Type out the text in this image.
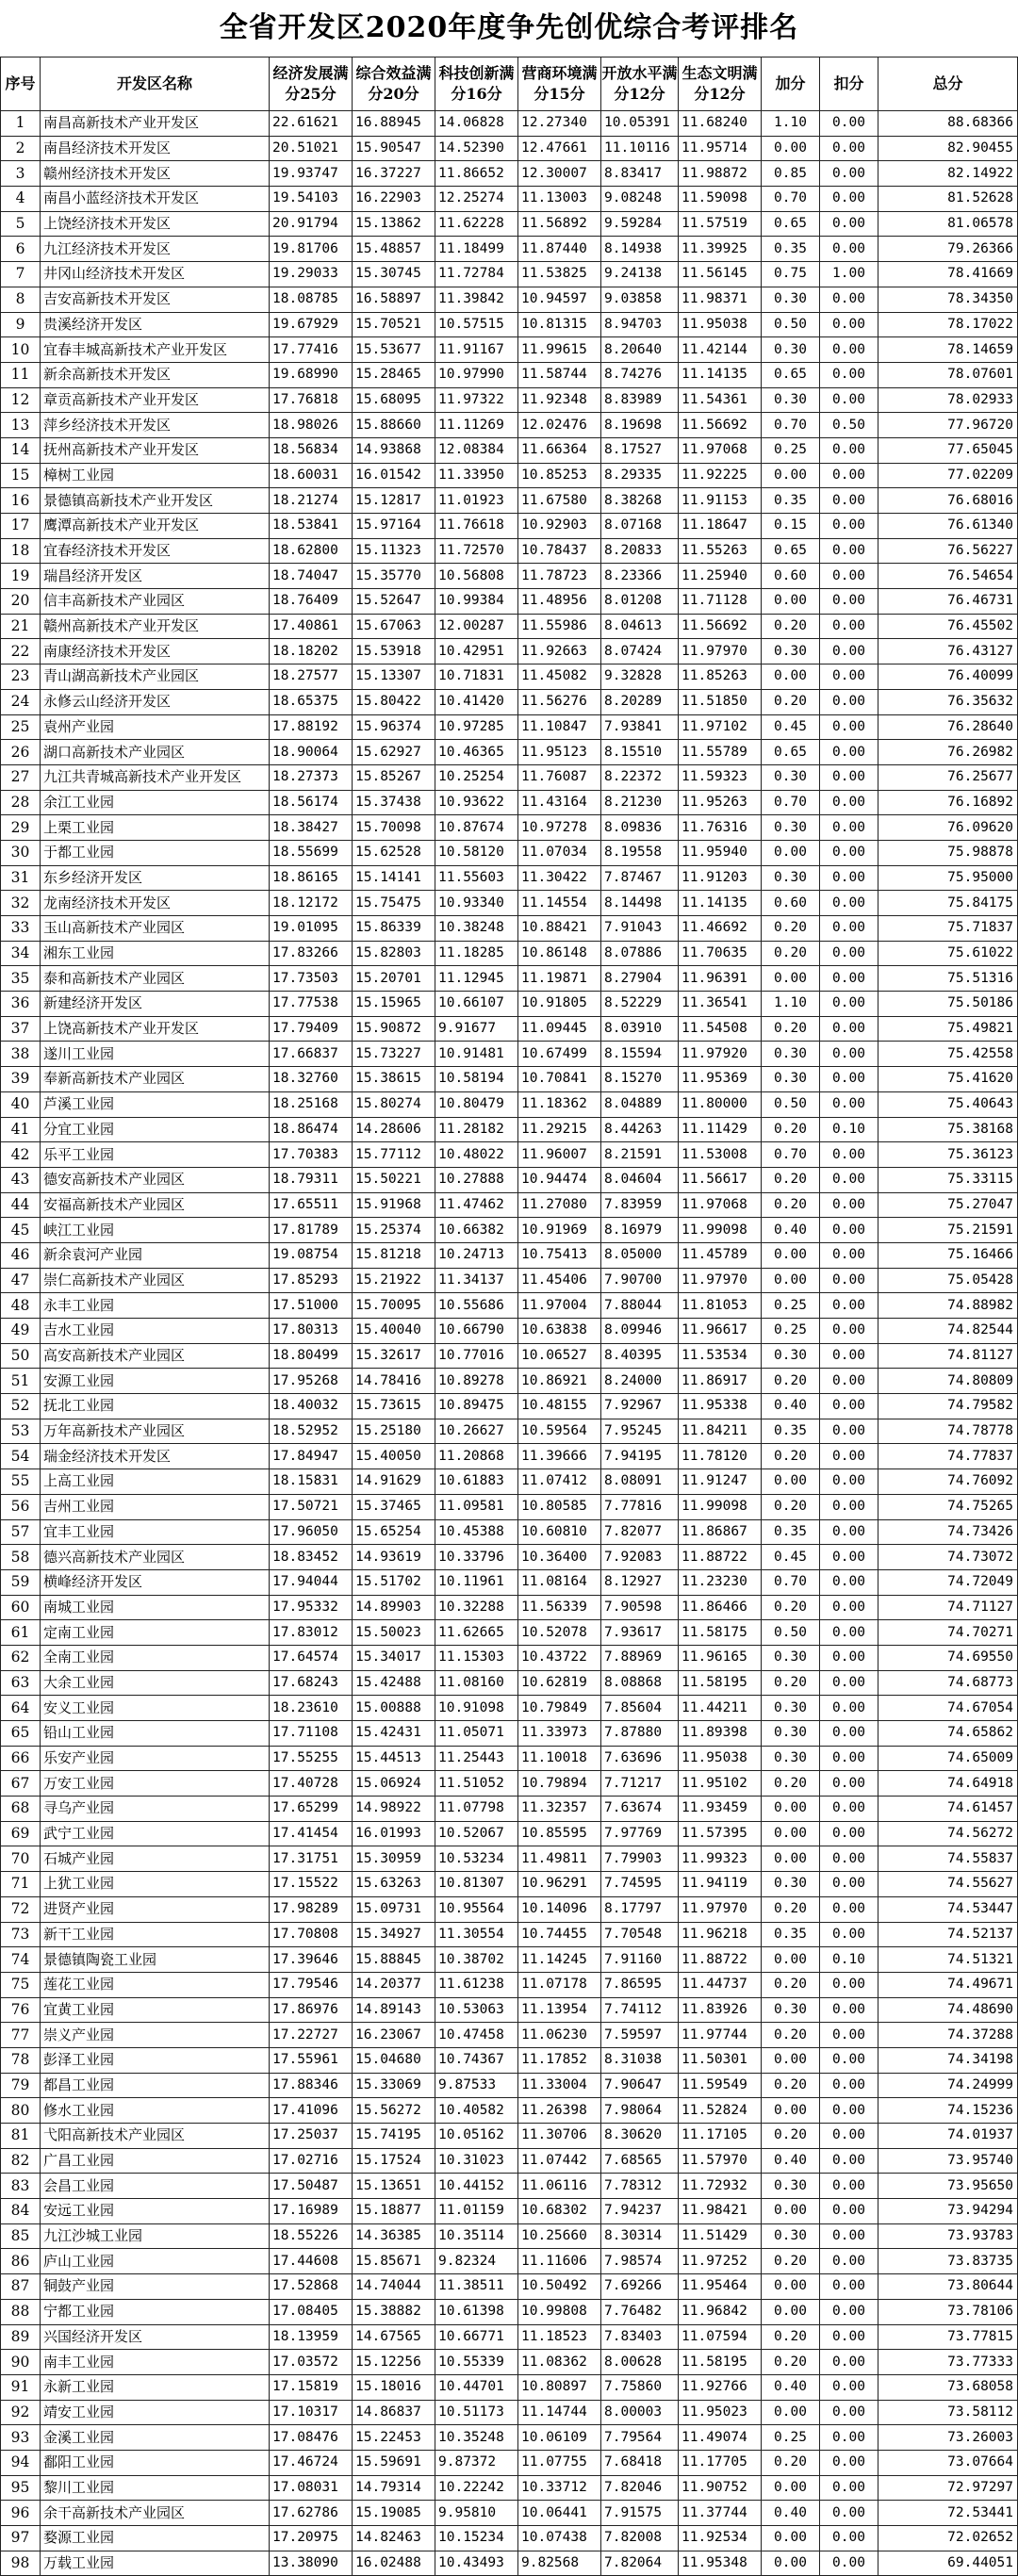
全省开发区2020年度争先创优综合考评排名
序号	开发区名称	经济发展满分25分	综合效益满分20分	科技创新满分16分	营商环境满分15分	开放水平满分12分	生态文明满分12分	加分	扣分	总分
1	南昌高新技术产业开发区	22.61621	16.88945	14.06828	12.27340	10.05391	11.68240	1.10	0.00	88.68366
2	南昌经济技术开发区	20.51021	15.90547	14.52390	12.47661	11.10116	11.95714	0.00	0.00	82.90455
3	赣州经济技术开发区	19.93747	16.37227	11.86652	12.30007	8.83417	11.98872	0.85	0.00	82.14922
4	南昌小蓝经济技术开发区	19.54103	16.22903	12.25274	11.13003	9.08248	11.59098	0.70	0.00	81.52628
5	上饶经济技术开发区	20.91794	15.13862	11.62228	11.56892	9.59284	11.57519	0.65	0.00	81.06578
6	九江经济技术开发区	19.81706	15.48857	11.18499	11.87440	8.14938	11.39925	0.35	0.00	79.26366
7	井冈山经济技术开发区	19.29033	15.30745	11.72784	11.53825	9.24138	11.56145	0.75	1.00	78.41669
8	吉安高新技术开发区	18.08785	16.58897	11.39842	10.94597	9.03858	11.98371	0.30	0.00	78.34350
9	贵溪经济开发区	19.67929	15.70521	10.57515	10.81315	8.94703	11.95038	0.50	0.00	78.17022
10	宜春丰城高新技术产业开发区	17.77416	15.53677	11.91167	11.99615	8.20640	11.42144	0.30	0.00	78.14659
11	新余高新技术开发区	19.68990	15.28465	10.97990	11.58744	8.74276	11.14135	0.65	0.00	78.07601
12	章贡高新技术产业开发区	17.76818	15.68095	11.97322	11.92348	8.83989	11.54361	0.30	0.00	78.02933
13	萍乡经济技术开发区	18.98026	15.88660	11.11269	12.02476	8.19698	11.56692	0.70	0.50	77.96720
14	抚州高新技术产业开发区	18.56834	14.93868	12.08384	11.66364	8.17527	11.97068	0.25	0.00	77.65045
15	樟树工业园	18.60031	16.01542	11.33950	10.85253	8.29335	11.92225	0.00	0.00	77.02209
16	景德镇高新技术产业开发区	18.21274	15.12817	11.01923	11.67580	8.38268	11.91153	0.35	0.00	76.68016
17	鹰潭高新技术产业开发区	18.53841	15.97164	11.76618	10.92903	8.07168	11.18647	0.15	0.00	76.61340
18	宜春经济技术开发区	18.62800	15.11323	11.72570	10.78437	8.20833	11.55263	0.65	0.00	76.56227
19	瑞昌经济开发区	18.74047	15.35770	10.56808	11.78723	8.23366	11.25940	0.60	0.00	76.54654
20	信丰高新技术产业园区	18.76409	15.52647	10.99384	11.48956	8.01208	11.71128	0.00	0.00	76.46731
21	赣州高新技术产业开发区	17.40861	15.67063	12.00287	11.55986	8.04613	11.56692	0.20	0.00	76.45502
22	南康经济技术开发区	18.18202	15.53918	10.42951	11.92663	8.07424	11.97970	0.30	0.00	76.43127
23	青山湖高新技术产业园区	18.27577	15.13307	10.71831	11.45082	9.32828	11.85263	0.00	0.00	76.40099
24	永修云山经济开发区	18.65375	15.80422	10.41420	11.56276	8.20289	11.51850	0.20	0.00	76.35632
25	袁州产业园	17.88192	15.96374	10.97285	11.10847	7.93841	11.97102	0.45	0.00	76.28640
26	湖口高新技术产业园区	18.90064	15.62927	10.46365	11.95123	8.15510	11.55789	0.65	0.00	76.26982
27	九江共青城高新技术产业开发区	18.27373	15.85267	10.25254	11.76087	8.22372	11.59323	0.30	0.00	76.25677
28	余江工业园	18.56174	15.37438	10.93622	11.43164	8.21230	11.95263	0.70	0.00	76.16892
29	上栗工业园	18.38427	15.70098	10.87674	10.97278	8.09836	11.76316	0.30	0.00	76.09620
30	于都工业园	18.55699	15.62528	10.58120	11.07034	8.19558	11.95940	0.00	0.00	75.98878
31	东乡经济开发区	18.86165	15.14141	11.55603	11.30422	7.87467	11.91203	0.30	0.00	75.95000
32	龙南经济技术开发区	18.12172	15.75475	10.93340	11.14554	8.14498	11.14135	0.60	0.00	75.84175
33	玉山高新技术产业园区	19.01095	15.86339	10.38248	10.88421	7.91043	11.46692	0.20	0.00	75.71837
34	湘东工业园	17.83266	15.82803	11.18285	10.86148	8.07886	11.70635	0.20	0.00	75.61022
35	泰和高新技术产业园区	17.73503	15.20701	11.12945	11.19871	8.27904	11.96391	0.00	0.00	75.51316
36	新建经济开发区	17.77538	15.15965	10.66107	10.91805	8.52229	11.36541	1.10	0.00	75.50186
37	上饶高新技术产业开发区	17.79409	15.90872	9.91677	11.09445	8.03910	11.54508	0.20	0.00	75.49821
38	遂川工业园	17.66837	15.73227	10.91481	10.67499	8.15594	11.97920	0.30	0.00	75.42558
39	奉新高新技术产业园区	18.32760	15.38615	10.58194	10.70841	8.15270	11.95369	0.30	0.00	75.41620
40	芦溪工业园	18.25168	15.80274	10.80479	11.18362	8.04889	11.80000	0.50	0.00	75.40643
41	分宜工业园	18.86474	14.28606	11.28182	11.29215	8.44263	11.11429	0.20	0.10	75.38168
42	乐平工业园	17.70383	15.77112	10.48022	11.96007	8.21591	11.53008	0.70	0.00	75.36123
43	德安高新技术产业园区	18.79311	15.50221	10.27888	10.94474	8.04604	11.56617	0.20	0.00	75.33115
44	安福高新技术产业园区	17.65511	15.91968	11.47462	11.27080	7.83959	11.97068	0.20	0.00	75.27047
45	峡江工业园	17.81789	15.25374	10.66382	10.91969	8.16979	11.99098	0.40	0.00	75.21591
46	新余袁河产业园	19.08754	15.81218	10.24713	10.75413	8.05000	11.45789	0.00	0.00	75.16466
47	崇仁高新技术产业园区	17.85293	15.21922	11.34137	11.45406	7.90700	11.97970	0.00	0.00	75.05428
48	永丰工业园	17.51000	15.70095	10.55686	11.97004	7.88044	11.81053	0.25	0.00	74.88982
49	吉水工业园	17.80313	15.40040	10.66790	10.63838	8.09946	11.96617	0.25	0.00	74.82544
50	高安高新技术产业园区	18.80499	15.32617	10.77016	10.06527	8.40395	11.53534	0.30	0.00	74.81127
51	安源工业园	17.95268	14.78416	10.89278	10.86921	8.24000	11.86917	0.20	0.00	74.80809
52	抚北工业园	18.40032	15.73615	10.89475	10.48155	7.92967	11.95338	0.40	0.00	74.79582
53	万年高新技术产业园区	18.52952	15.25180	10.26627	10.59564	7.95245	11.84211	0.35	0.00	74.78778
54	瑞金经济技术开发区	17.84947	15.40050	11.20868	11.39666	7.94195	11.78120	0.20	0.00	74.77837
55	上高工业园	18.15831	14.91629	10.61883	11.07412	8.08091	11.91247	0.00	0.00	74.76092
56	吉州工业园	17.50721	15.37465	11.09581	10.80585	7.77816	11.99098	0.20	0.00	74.75265
57	宜丰工业园	17.96050	15.65254	10.45388	10.60810	7.82077	11.86867	0.35	0.00	74.73426
58	德兴高新技术产业园区	18.83452	14.93619	10.33796	10.36400	7.92083	11.88722	0.45	0.00	74.73072
59	横峰经济开发区	17.94044	15.51702	10.11961	11.08164	8.12927	11.23230	0.70	0.00	74.72049
60	南城工业园	17.95332	14.89903	10.32288	11.56339	7.90598	11.86466	0.20	0.00	74.71127
61	定南工业园	17.83012	15.50023	11.62665	10.52078	7.93617	11.58175	0.50	0.00	74.70271
62	全南工业园	17.64574	15.34017	11.15303	10.43722	7.88969	11.96165	0.30	0.00	74.69550
63	大余工业园	17.68243	15.42488	11.08160	10.62819	8.08868	11.58195	0.20	0.00	74.68773
64	安义工业园	18.23610	15.00888	10.91098	10.79849	7.85604	11.44211	0.30	0.00	74.67054
65	铅山工业园	17.71108	15.42431	11.05071	11.33973	7.87880	11.89398	0.30	0.00	74.65862
66	乐安产业园	17.55255	15.44513	11.25443	11.10018	7.63696	11.95038	0.30	0.00	74.65009
67	万安工业园	17.40728	15.06924	11.51052	10.79894	7.71217	11.95102	0.20	0.00	74.64918
68	寻乌产业园	17.65299	14.98922	11.07798	11.32357	7.63674	11.93459	0.00	0.00	74.61457
69	武宁工业园	17.41454	16.01993	10.52067	10.85595	7.97769	11.57395	0.00	0.00	74.56272
70	石城产业园	17.31751	15.30959	10.53234	11.49811	7.79903	11.99323	0.00	0.00	74.55837
71	上犹工业园	17.15522	15.63263	10.81307	10.96291	7.74595	11.94119	0.30	0.00	74.55627
72	进贤产业园	17.98289	15.09731	10.95564	10.14096	8.17797	11.97970	0.20	0.00	74.53447
73	新干工业园	17.70808	15.34927	11.30554	10.74455	7.70548	11.96218	0.35	0.00	74.52137
74	景德镇陶瓷工业园	17.39646	15.88845	10.38702	11.14245	7.91160	11.88722	0.00	0.10	74.51321
75	莲花工业园	17.79546	14.20377	11.61238	11.07178	7.86595	11.44737	0.20	0.00	74.49671
76	宜黄工业园	17.86976	14.89143	10.53063	11.13954	7.74112	11.83926	0.30	0.00	74.48690
77	崇义产业园	17.22727	16.23067	10.47458	11.06230	7.59597	11.97744	0.20	0.00	74.37288
78	彭泽工业园	17.55961	15.04680	10.74367	11.17852	8.31038	11.50301	0.00	0.00	74.34198
79	都昌工业园	17.88346	15.33069	9.87533	11.33004	7.90647	11.59549	0.20	0.00	74.24999
80	修水工业园	17.41096	15.56272	10.40582	11.26398	7.98064	11.52824	0.00	0.00	74.15236
81	弋阳高新技术产业园区	17.25037	15.74195	10.05162	11.30706	8.30620	11.17105	0.20	0.00	74.01937
82	广昌工业园	17.02716	15.17524	10.31023	11.07442	7.68565	11.57970	0.40	0.00	73.95740
83	会昌工业园	17.50487	15.13651	10.44152	11.06116	7.78312	11.72932	0.30	0.00	73.95650
84	安远工业园	17.16989	15.18877	11.01159	10.68302	7.94237	11.98421	0.00	0.00	73.94294
85	九江沙城工业园	18.55226	14.36385	10.35114	10.25660	8.30314	11.51429	0.30	0.00	73.93783
86	庐山工业园	17.44608	15.85671	9.82324	11.11606	7.98574	11.97252	0.20	0.00	73.83735
87	铜鼓产业园	17.52868	14.74044	11.38511	10.50492	7.69266	11.95464	0.00	0.00	73.80644
88	宁都工业园	17.08405	15.38882	10.61398	10.99808	7.76482	11.96842	0.00	0.00	73.78106
89	兴国经济开发区	18.13959	14.67565	10.66771	11.18523	7.83403	11.07594	0.20	0.00	73.77815
90	南丰工业园	17.03572	15.12256	10.55339	11.08362	8.00628	11.58195	0.20	0.00	73.77333
91	永新工业园	17.15819	15.18016	10.44701	10.80897	7.75860	11.92766	0.40	0.00	73.68058
92	靖安工业园	17.10317	14.86837	10.51173	11.14744	8.00003	11.95023	0.00	0.00	73.58112
93	金溪工业园	17.08476	15.22453	10.35248	10.06109	7.79564	11.49074	0.25	0.00	73.26003
94	鄱阳工业园	17.46724	15.59691	9.87372	11.07755	7.68418	11.17705	0.20	0.00	73.07664
95	黎川工业园	17.08031	14.79314	10.22242	10.33712	7.82046	11.90752	0.00	0.00	72.97297
96	余干高新技术产业园区	17.62786	15.19085	9.95810	10.06441	7.91575	11.37744	0.40	0.00	72.53441
97	婺源工业园	17.20975	14.82463	10.15234	10.07438	7.82008	11.92534	0.00	0.00	72.02652
98	万载工业园	13.38090	16.02488	10.43493	9.82568	7.82064	11.95348	0.00	0.00	69.44051
